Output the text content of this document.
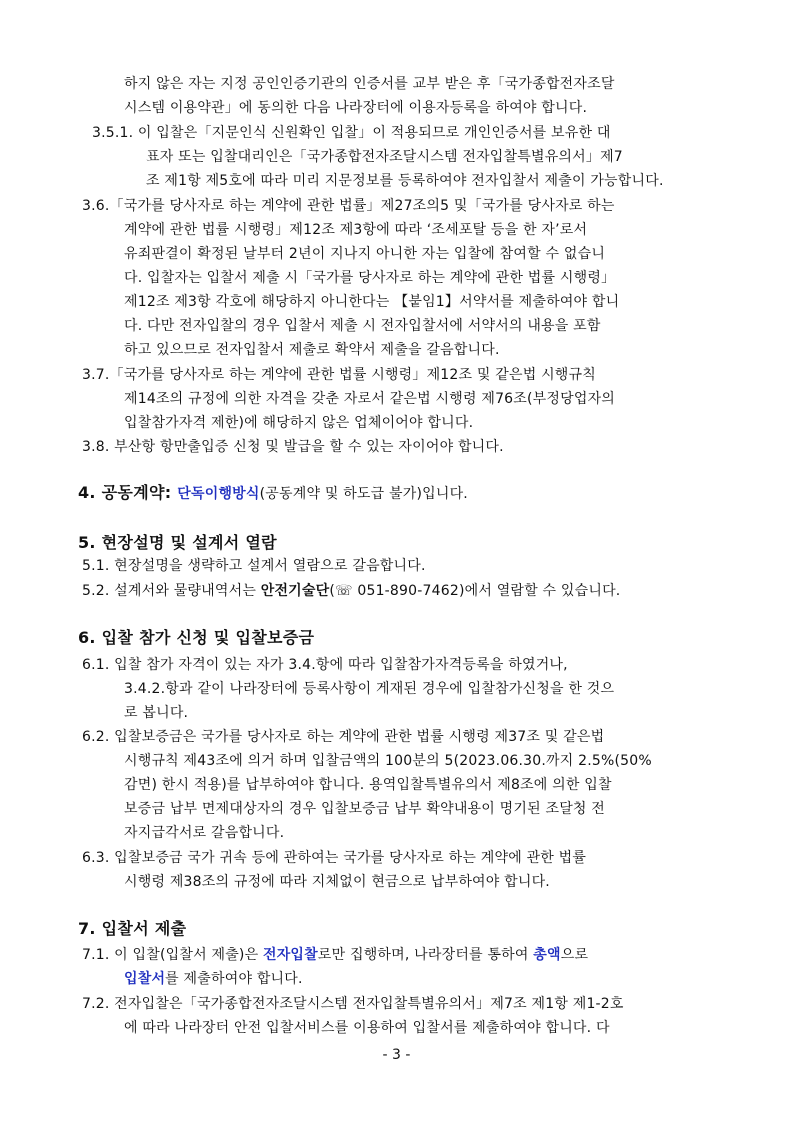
하지 않은 자는 지정 공인인증기관의 인증서를 교부 받은 후「국가종합전자조달
시스템 이용약관」에 동의한 다음 나라장터에 이용자등록을 하여야 합니다.
3.5.1. 이 입찰은「지문인식 신원확인 입찰」이 적용되므로 개인인증서를 보유한 대
표자 또는 입찰대리인은「국가종합전자조달시스템 전자입찰특별유의서」제7
조 제1항 제5호에 따라 미리 지문정보를 등록하여야 전자입찰서 제출이 가능합니다.
3.6.「국가를 당사자로 하는 계약에 관한 법률」제27조의5 및「국가를 당사자로 하는
계약에 관한 법률 시행령」제12조 제3항에 따라 ‘조세포탈 등을 한 자’로서
유죄판결이 확정된 날부터 2년이 지나지 아니한 자는 입찰에 참여할 수 없습니
다. 입찰자는 입찰서 제출 시「국가를 당사자로 하는 계약에 관한 법률 시행령」
제12조 제3항 각호에 해당하지 아니한다는 【붙임1】서약서를 제출하여야 합니
다. 다만 전자입찰의 경우 입찰서 제출 시 전자입찰서에 서약서의 내용을 포함
하고 있으므로 전자입찰서 제출로 확약서 제출을 갈음합니다.
3.7.「국가를 당사자로 하는 계약에 관한 법률 시행령」제12조 및 같은법 시행규칙
제14조의 규정에 의한 자격을 갖춘 자로서 같은법 시행령 제76조(부정당업자의
입찰참가자격 제한)에 해당하지 않은 업체이어야 합니다.
3.8. 부산항 항만출입증 신청 및 발급을 할 수 있는 자이어야 합니다.
4. 공동계약: 단독이행방식(공동계약 및 하도급 불가)입니다.
5. 현장설명 및 설계서 열람
5.1. 현장설명을 생략하고 설계서 열람으로 갈음합니다.
5.2. 설계서와 물량내역서는 안전기술단(☏ 051-890-7462)에서 열람할 수 있습니다.
6. 입찰 참가 신청 및 입찰보증금
6.1. 입찰 참가 자격이 있는 자가 3.4.항에 따라 입찰참가자격등록을 하였거나,
3.4.2.항과 같이 나라장터에 등록사항이 게재된 경우에 입찰참가신청을 한 것으
로 봅니다.
6.2. 입찰보증금은 국가를 당사자로 하는 계약에 관한 법률 시행령 제37조 및 같은법
시행규칙 제43조에 의거 하며 입찰금액의 100분의 5(2023.06.30.까지 2.5%(50%
감면) 한시 적용)를 납부하여야 합니다. 용역입찰특별유의서 제8조에 의한 입찰
보증금 납부 면제대상자의 경우 입찰보증금 납부 확약내용이 명기된 조달청 전
자지급각서로 갈음합니다.
6.3. 입찰보증금 국가 귀속 등에 관하여는 국가를 당사자로 하는 계약에 관한 법률
시행령 제38조의 규정에 따라 지체없이 현금으로 납부하여야 합니다.
7. 입찰서 제출
7.1. 이 입찰(입찰서 제출)은 전자입찰로만 집행하며, 나라장터를 통하여 총액으로
입찰서를 제출하여야 합니다.
7.2. 전자입찰은「국가종합전자조달시스템 전자입찰특별유의서」제7조 제1항 제1-2호
에 따라 나라장터 안전 입찰서비스를 이용하여 입찰서를 제출하여야 합니다. 다
- 3 -
